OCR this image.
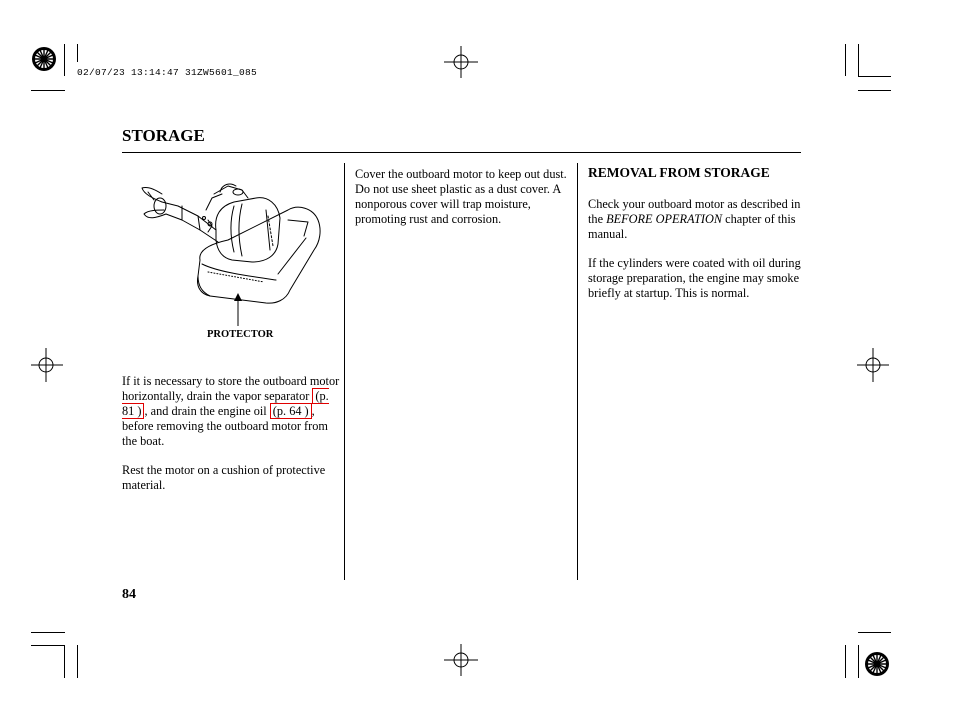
02/07/23 13:14:47 31ZW5601_085
STORAGE
PROTECTOR
If it is necessary to store the outboard motor horizontally, drain the vapor separator (p. 81 ) , and drain the engine oil (p. 64 ) , before removing the outboard motor from the boat.
Rest the motor on a cushion of protective material.
Cover the outboard motor to keep out dust. Do not use sheet plastic as a dust cover. A nonporous cover will trap moisture, promoting rust and corrosion.
REMOVAL FROM STORAGE
Check your outboard motor as described in the BEFORE OPERATION chapter of this manual.
If the cylinders were coated with oil during storage preparation, the engine may smoke briefly at startup. This is normal.
84
